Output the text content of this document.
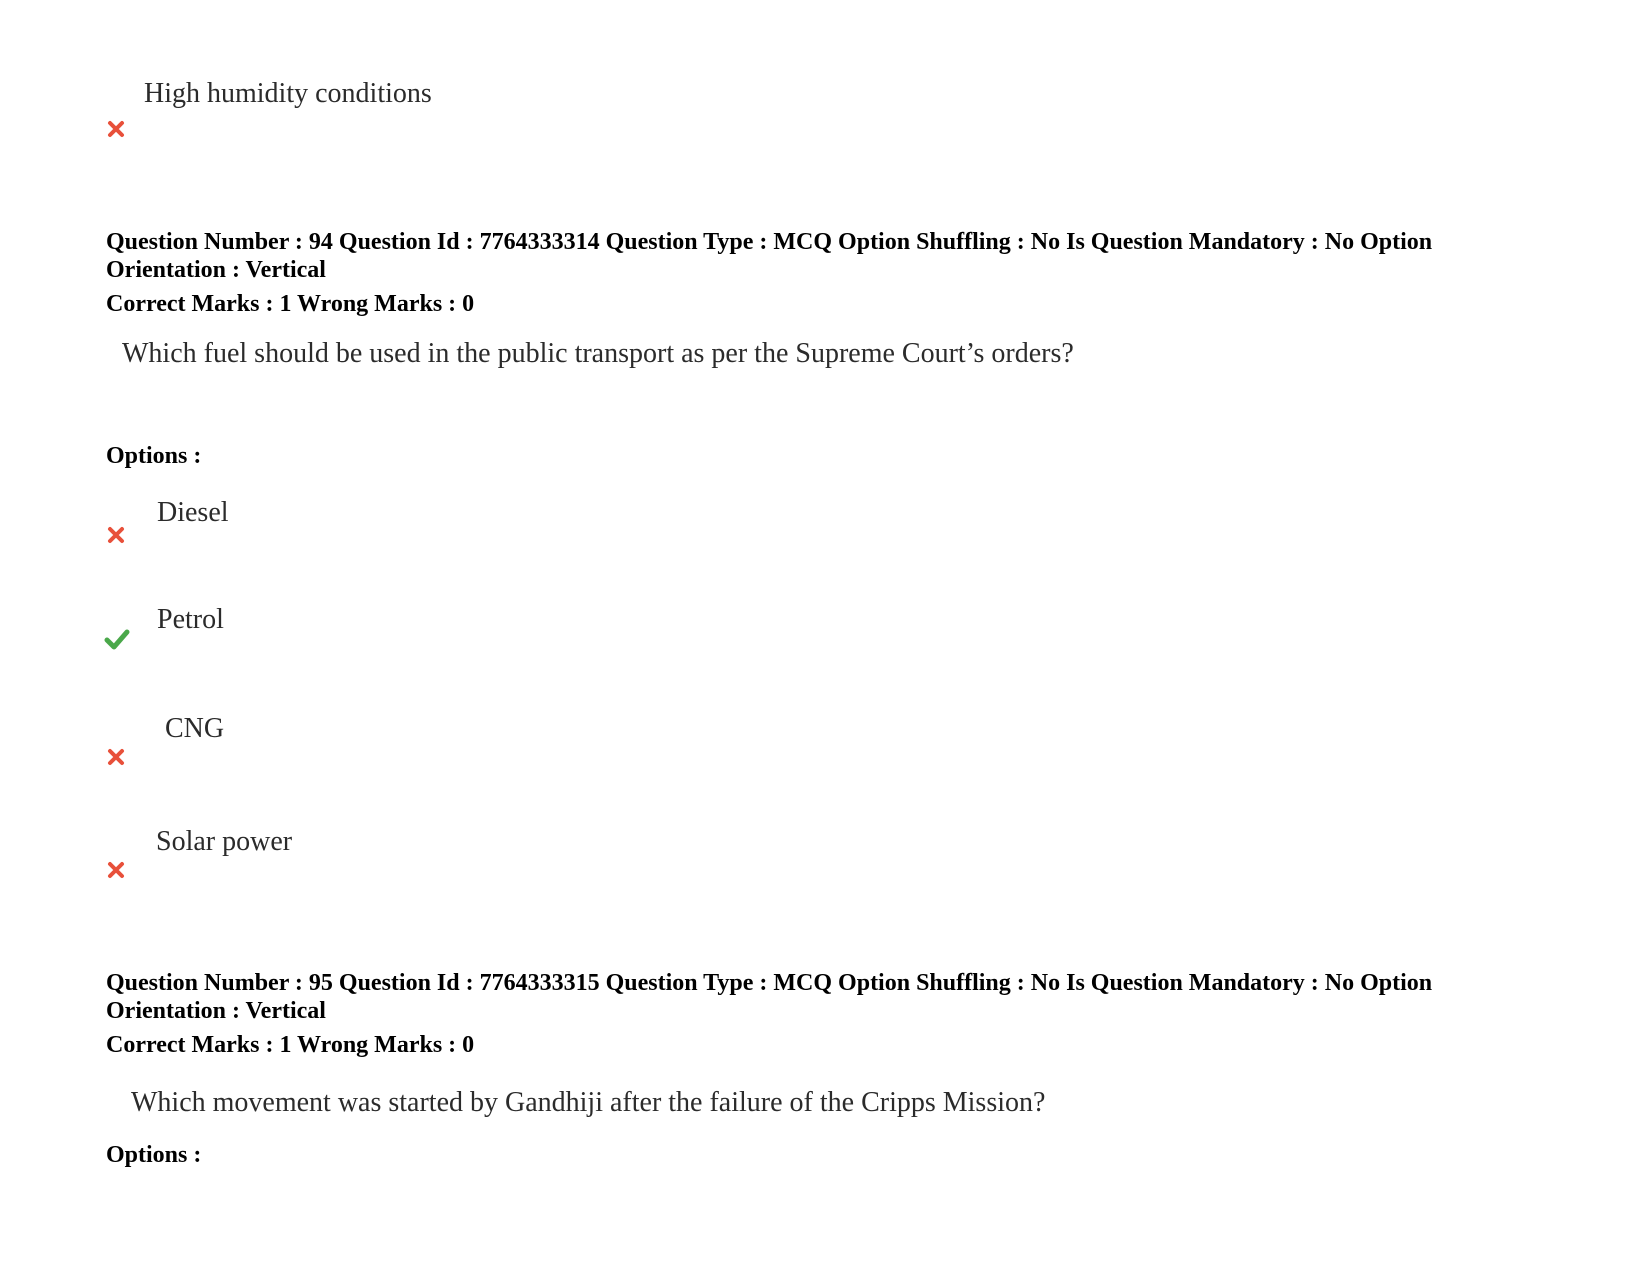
High humidity conditions
Question Number : 94 Question Id : 7764333314 Question Type : MCQ Option Shuffling : No Is Question Mandatory : No Option Orientation : Vertical
Correct Marks : 1 Wrong Marks : 0
Which fuel should be used in the public transport as per the Supreme Court’s orders?
Options :
Diesel
Petrol
CNG
Solar power
Question Number : 95 Question Id : 7764333315 Question Type : MCQ Option Shuffling : No Is Question Mandatory : No Option Orientation : Vertical
Correct Marks : 1 Wrong Marks : 0
Which movement was started by Gandhiji after the failure of the Cripps Mission?
Options :
